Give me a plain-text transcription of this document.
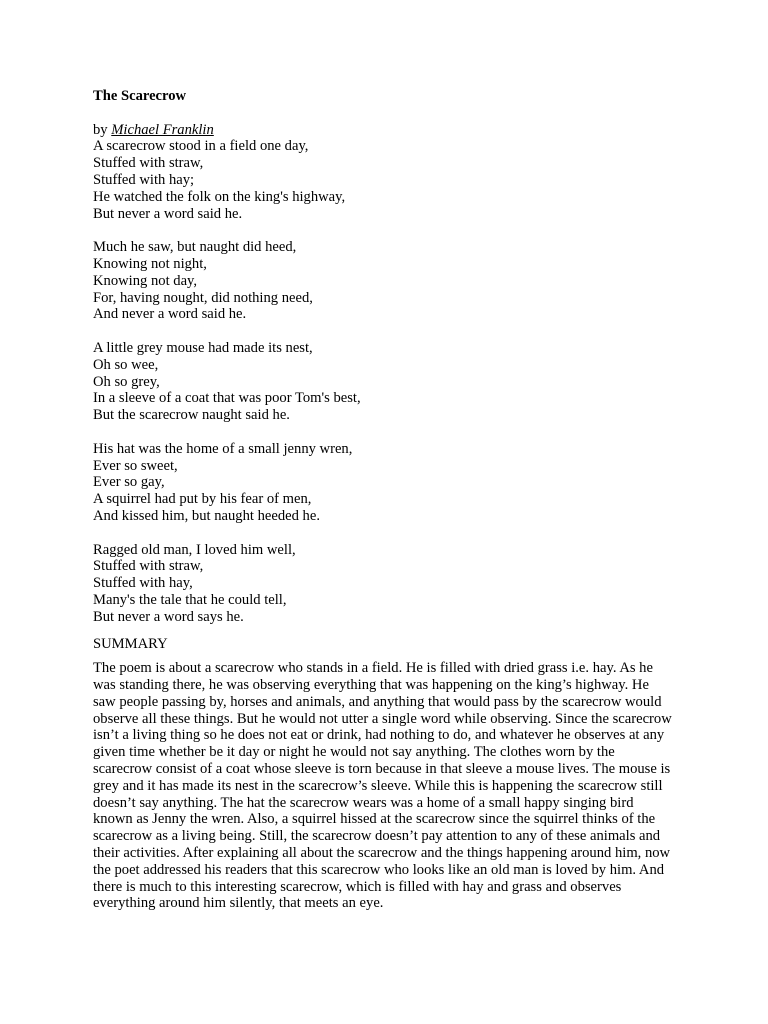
The Scarecrow
by Michael Franklin
A scarecrow stood in a field one day,
Stuffed with straw,
Stuffed with hay;
He watched the folk on the king's highway,
But never a word said he.
Much he saw, but naught did heed,
Knowing not night,
Knowing not day,
For, having nought, did nothing need,
And never a word said he.
A little grey mouse had made its nest,
Oh so wee,
Oh so grey,
In a sleeve of a coat that was poor Tom's best,
But the scarecrow naught said he.
His hat was the home of a small jenny wren,
Ever so sweet,
Ever so gay,
A squirrel had put by his fear of men,
And kissed him, but naught heeded he.
Ragged old man, I loved him well,
Stuffed with straw,
Stuffed with hay,
Many's the tale that he could tell,
But never a word says he.
SUMMARY
The poem is about a scarecrow who stands in a field. He is filled with dried grass i.e. hay. As he was standing there, he was observing everything that was happening on the king’s highway. He saw people passing by, horses and animals, and anything that would pass by the scarecrow would observe all these things. But he would not utter a single word while observing. Since the scarecrow isn’t a living thing so he does not eat or drink, had nothing to do, and whatever he observes at any given time whether be it day or night he would not say anything. The clothes worn by the scarecrow consist of a coat whose sleeve is torn because in that sleeve a mouse lives. The mouse is grey and it has made its nest in the scarecrow’s sleeve. While this is happening the scarecrow still doesn’t say anything. The hat the scarecrow wears was a home of a small happy singing bird known as Jenny the wren. Also, a squirrel hissed at the scarecrow since the squirrel thinks of the scarecrow as a living being. Still, the scarecrow doesn’t pay attention to any of these animals and their activities. After explaining all about the scarecrow and the things happening around him, now the poet addressed his readers that this scarecrow who looks like an old man is loved by him. And there is much to this interesting scarecrow, which is filled with hay and grass and observes everything around him silently, that meets an eye.
